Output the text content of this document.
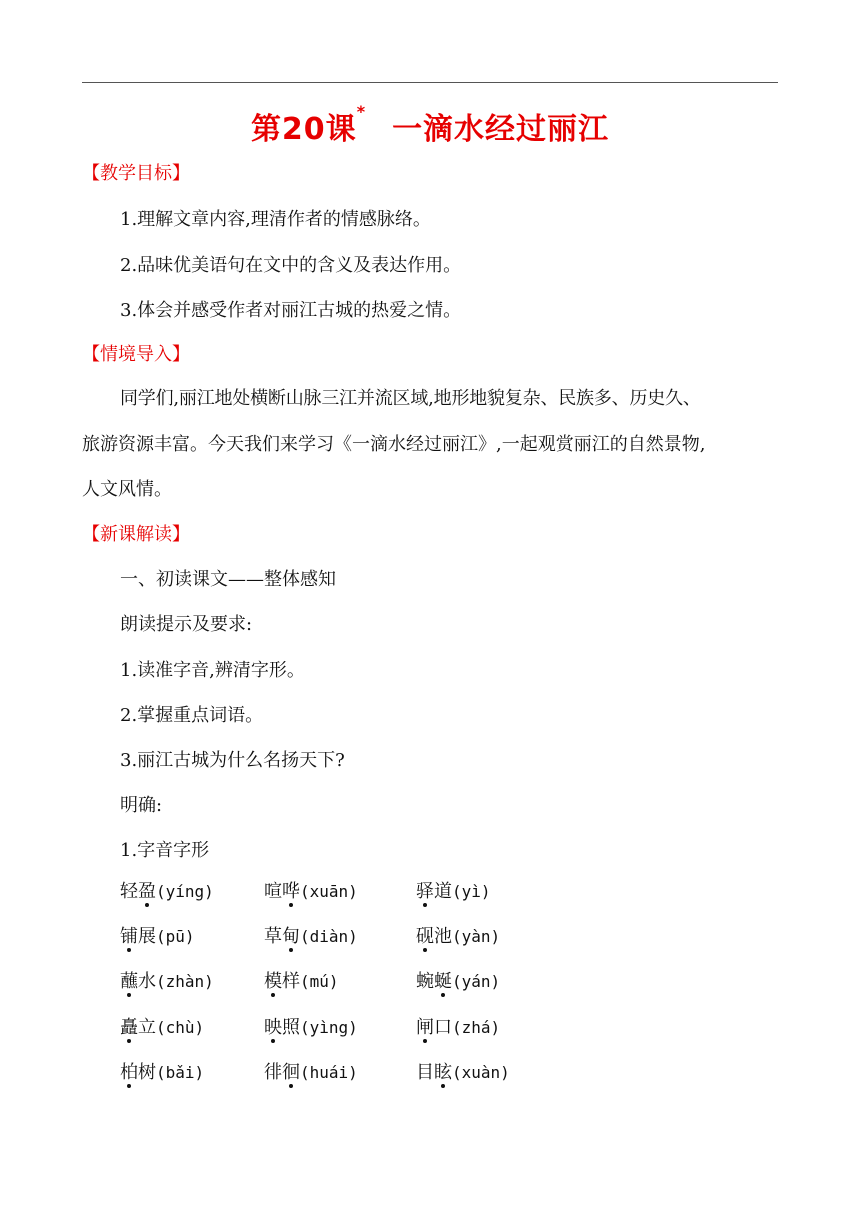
第20课*一滴水经过丽江
【教学目标】
1.理解文章内容,理清作者的情感脉络。
2.品味优美语句在文中的含义及表达作用。
3.体会并感受作者对丽江古城的热爱之情。
【情境导入】
同学们,丽江地处横断山脉三江并流区域,地形地貌复杂、民族多、历史久、
旅游资源丰富。今天我们来学习《一滴水经过丽江》,一起观赏丽江的自然景物,
人文风情。
【新课解读】
一、初读课文——整体感知
朗读提示及要求:
1.读准字音,辨清字形。
2.掌握重点词语。
3.丽江古城为什么名扬天下?
明确:
1.字音字形
轻盈(yíng)	喧哗(xuān)	驿道(yì)
铺展(pū)	草甸(diàn)	砚池(yàn)
蘸水(zhàn)	模样(mú)	蜿蜒(yán)
矗立(chù)	映照(yìng)	闸口(zhá)
柏树(bǎi)	徘徊(huái)	目眩(xuàn)
